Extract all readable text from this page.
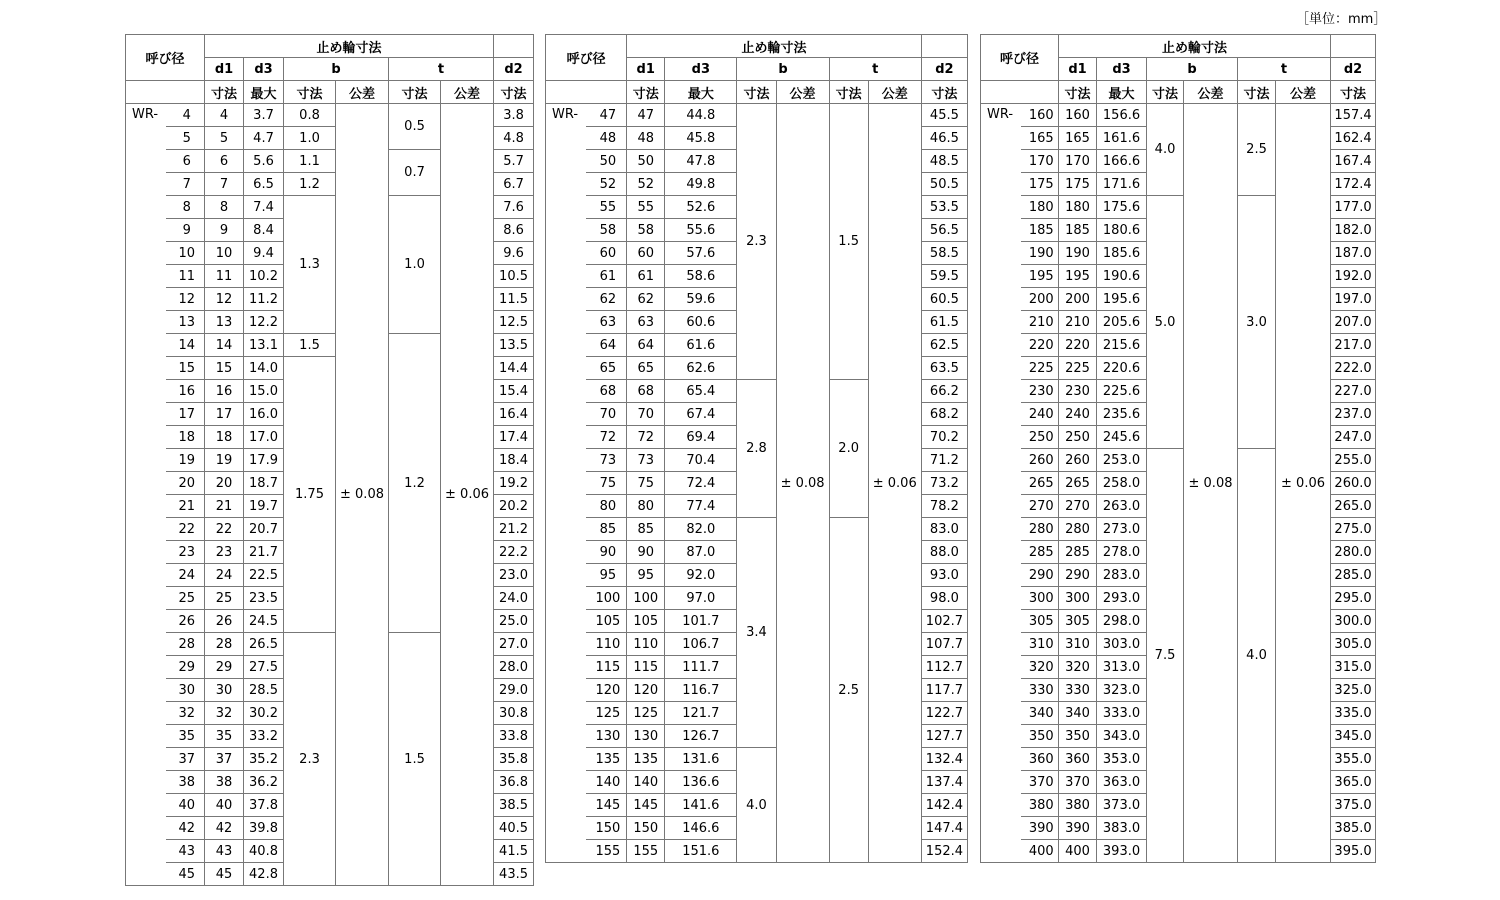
［単位：mm］
呼び径		止め輪寸法						
		d1	d3	b		t		d2
		寸法	最大	寸法	公差	寸法	公差	寸法
WR-	4	4	3.7	0.8	± 0.08	0.5	± 0.06	3.8
	5	5	4.7	1.0				4.8
	6	6	5.6	1.1		0.7		5.7
	7	7	6.5	1.2				6.7
	8	8	7.4	1.3		1.0		7.6
	9	9	8.4					8.6
	10	10	9.4					9.6
	11	11	10.2					10.5
	12	12	11.2					11.5
	13	13	12.2					12.5
	14	14	13.1	1.5		1.2		13.5
	15	15	14.0	1.75				14.4
	16	16	15.0					15.4
	17	17	16.0					16.4
	18	18	17.0					17.4
	19	19	17.9					18.4
	20	20	18.7					19.2
	21	21	19.7					20.2
	22	22	20.7					21.2
	23	23	21.7					22.2
	24	24	22.5					23.0
	25	25	23.5					24.0
	26	26	24.5					25.0
	28	28	26.5	2.3		1.5		27.0
	29	29	27.5					28.0
	30	30	28.5					29.0
	32	32	30.2					30.8
	35	35	33.2					33.8
	37	37	35.2					35.8
	38	38	36.2					36.8
	40	40	37.8					38.5
	42	42	39.8					40.5
	43	43	40.8					41.5
	45	45	42.8					43.5
呼び径		止め輪寸法						
		d1	d3	b		t		d2
		寸法	最大	寸法	公差	寸法	公差	寸法
WR-	47	47	44.8	2.3	± 0.08	1.5	± 0.06	45.5
	48	48	45.8					46.5
	50	50	47.8					48.5
	52	52	49.8					50.5
	55	55	52.6					53.5
	58	58	55.6					56.5
	60	60	57.6					58.5
	61	61	58.6					59.5
	62	62	59.6					60.5
	63	63	60.6					61.5
	64	64	61.6					62.5
	65	65	62.6					63.5
	68	68	65.4	2.8		2.0		66.2
	70	70	67.4					68.2
	72	72	69.4					70.2
	73	73	70.4					71.2
	75	75	72.4					73.2
	80	80	77.4					78.2
	85	85	82.0	3.4		2.5		83.0
	90	90	87.0					88.0
	95	95	92.0					93.0
	100	100	97.0					98.0
	105	105	101.7					102.7
	110	110	106.7					107.7
	115	115	111.7					112.7
	120	120	116.7					117.7
	125	125	121.7					122.7
	130	130	126.7					127.7
	135	135	131.6	4.0				132.4
	140	140	136.6					137.4
	145	145	141.6					142.4
	150	150	146.6					147.4
	155	155	151.6					152.4
呼び径		止め輪寸法						
		d1	d3	b		t		d2
		寸法	最大	寸法	公差	寸法	公差	寸法
WR-	160	160	156.6	4.0	± 0.08	2.5	± 0.06	157.4
	165	165	161.6					162.4
	170	170	166.6					167.4
	175	175	171.6					172.4
	180	180	175.6	5.0		3.0		177.0
	185	185	180.6					182.0
	190	190	185.6					187.0
	195	195	190.6					192.0
	200	200	195.6					197.0
	210	210	205.6					207.0
	220	220	215.6					217.0
	225	225	220.6					222.0
	230	230	225.6					227.0
	240	240	235.6					237.0
	250	250	245.6					247.0
	260	260	253.0	7.5		4.0		255.0
	265	265	258.0					260.0
	270	270	263.0					265.0
	280	280	273.0					275.0
	285	285	278.0					280.0
	290	290	283.0					285.0
	300	300	293.0					295.0
	305	305	298.0					300.0
	310	310	303.0					305.0
	320	320	313.0					315.0
	330	330	323.0					325.0
	340	340	333.0					335.0
	350	350	343.0					345.0
	360	360	353.0					355.0
	370	370	363.0					365.0
	380	380	373.0					375.0
	390	390	383.0					385.0
	400	400	393.0					395.0
